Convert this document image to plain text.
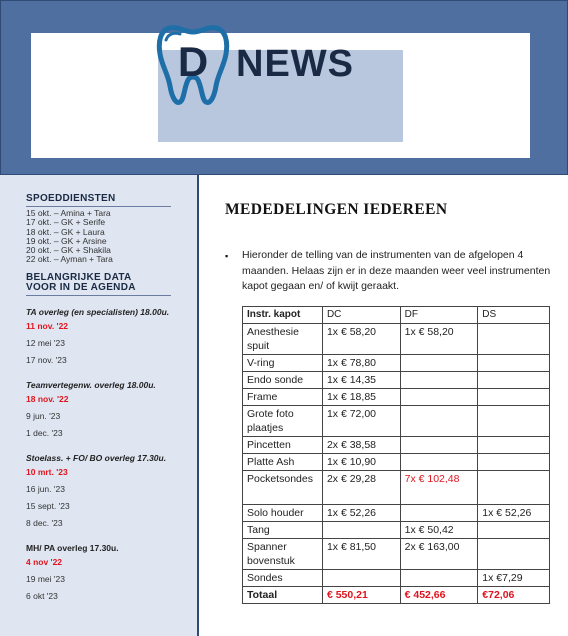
D NEWS
SPOEDDIENSTEN
15 okt. – Amina + Tara
17 okt. – GK + Serife
18 okt. – GK + Laura
19 okt. – GK + Arsine
20 okt. – GK + Shakila
22 okt. – Ayman + Tara
BELANGRIJKE DATA
VOOR IN DE AGENDA
TA overleg (en specialisten) 18.00u.
11 nov. '22
12 mei '23
17 nov. '23
Teamvertegenw. overleg 18.00u.
18 nov. '22
9 jun. '23
1 dec. '23
Stoelass. + FO/ BO overleg 17.30u.
10 mrt. '23
16 jun. '23
15 sept. '23
8 dec. '23
MH/ PA overleg 17.30u.
4 nov '22
19 mei '23
6 okt '23
MEDEDELINGEN IEDEREEN
▪	Hieronder de telling van de instrumenten van de afgelopen 4 maanden. Helaas zijn er in deze maanden weer veel instrumenten kapot gegaan en/ of kwijt geraakt.
Instr. kapot	DC	DF	DS
Anesthesie spuit	1x € 58,20	1x € 58,20	
V-ring	1x € 78,80		
Endo sonde	1x € 14,35		
Frame	1x € 18,85		
Grote foto plaatjes	1x € 72,00		
Pincetten	2x € 38,58		
Platte Ash	1x € 10,90		
Pocketsondes	2x € 29,28	7x € 102,48	
Solo houder	1x € 52,26		1x € 52,26
Tang		1x € 50,42	
Spanner bovenstuk	1x € 81,50	2x € 163,00	
Sondes			1x €7,29
Totaal	€ 550,21	€ 452,66	€72,06
